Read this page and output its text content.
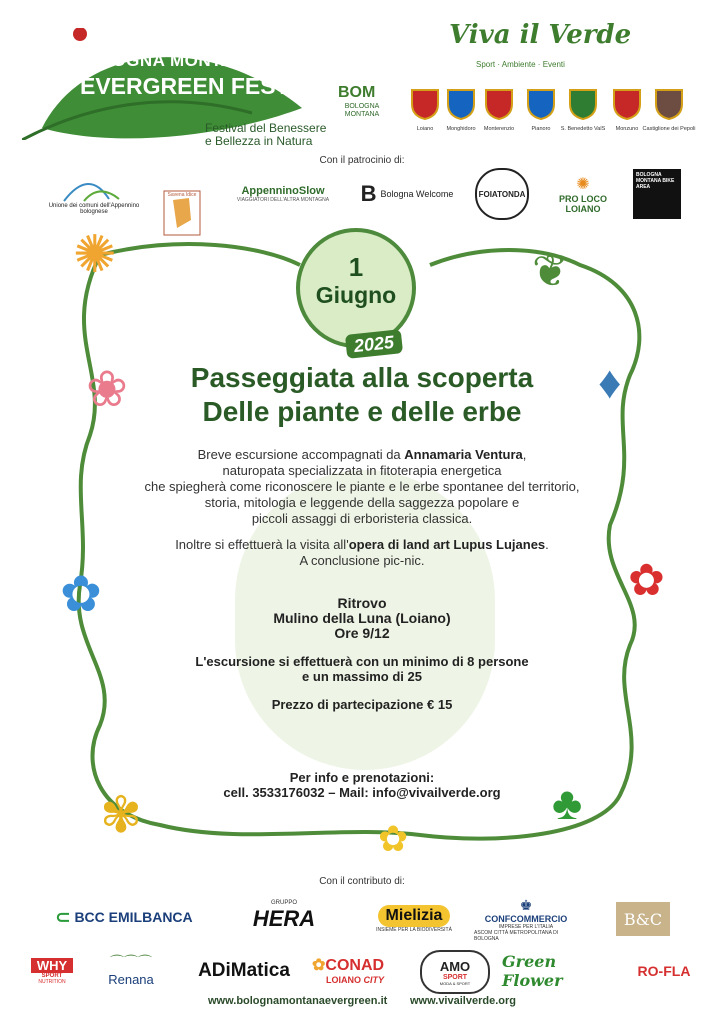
BOLOGNA MONTANA
EVERGREEN FEST
Festival del Benessere
e Bellezza in Natura
Viva il Verde
Sport · Ambiente · Eventi
BOM
BOLOGNA
MONTANA
Loiano	Monghidoro	Monterenzio	Pianoro	S. Benedetto ValS	Monzuno Castiglione dei Pepoli
Con il patrocinio di:
Unione dei comuni dell'Appennino bolognese
Savena Idice	AppenninoSlow
VIAGGIATORI DELL'ALTRA MONTAGNA B Bologna Welcome	FOIATONDA
✺
PRO LOCO LOIANO
BOLOGNA MONTANA BIKE AREA
✺	❦
❀	♦
✿	✿
✾	♣
✿
1
Giugno
2025
Passeggiata alla scoperta
Delle piante e delle erbe
Breve escursione accompagnati da Annamaria Ventura,
naturopata specializzata in fitoterapia energetica
che spiegherà come riconoscere le piante e le erbe spontanee del territorio,
storia, mitologia e leggende della saggezza popolare e
piccoli assaggi di erboristeria classica.
Inoltre si effettuerà la visita all'opera di land art Lupus Lujanes.
A conclusione pic-nic.
Ritrovo
Mulino della Luna (Loiano)
Ore 9/12
L'escursione si effettuerà con un minimo di 8 persone
e un massimo di 25
Prezzo di partecipazione € 15
Per info e prenotazioni:
cell. 3533176032 – Mail: info@vivailverde.org
Con il contributo di:
⊂ BCC EMILBANCA
GRUPPO
HERA	Mielizia
INSIEME PER LA BIODIVERSITÀ
♚
CONFCOMMERCIO
IMPRESE PER L'ITALIA
ASCOM CITTÀ METROPOLITANA DI BOLOGNA
B&C
WHY
SPORT
NUTRITION
⌒⌒⌒
Renana	ADiMatica	✿CONAD
LOIANO CITY
AMO
SPORT
MODA & SPORT
Green Flower	RO-FLA
www.bolognamontanaevergreen.it www.vivailverde.org
